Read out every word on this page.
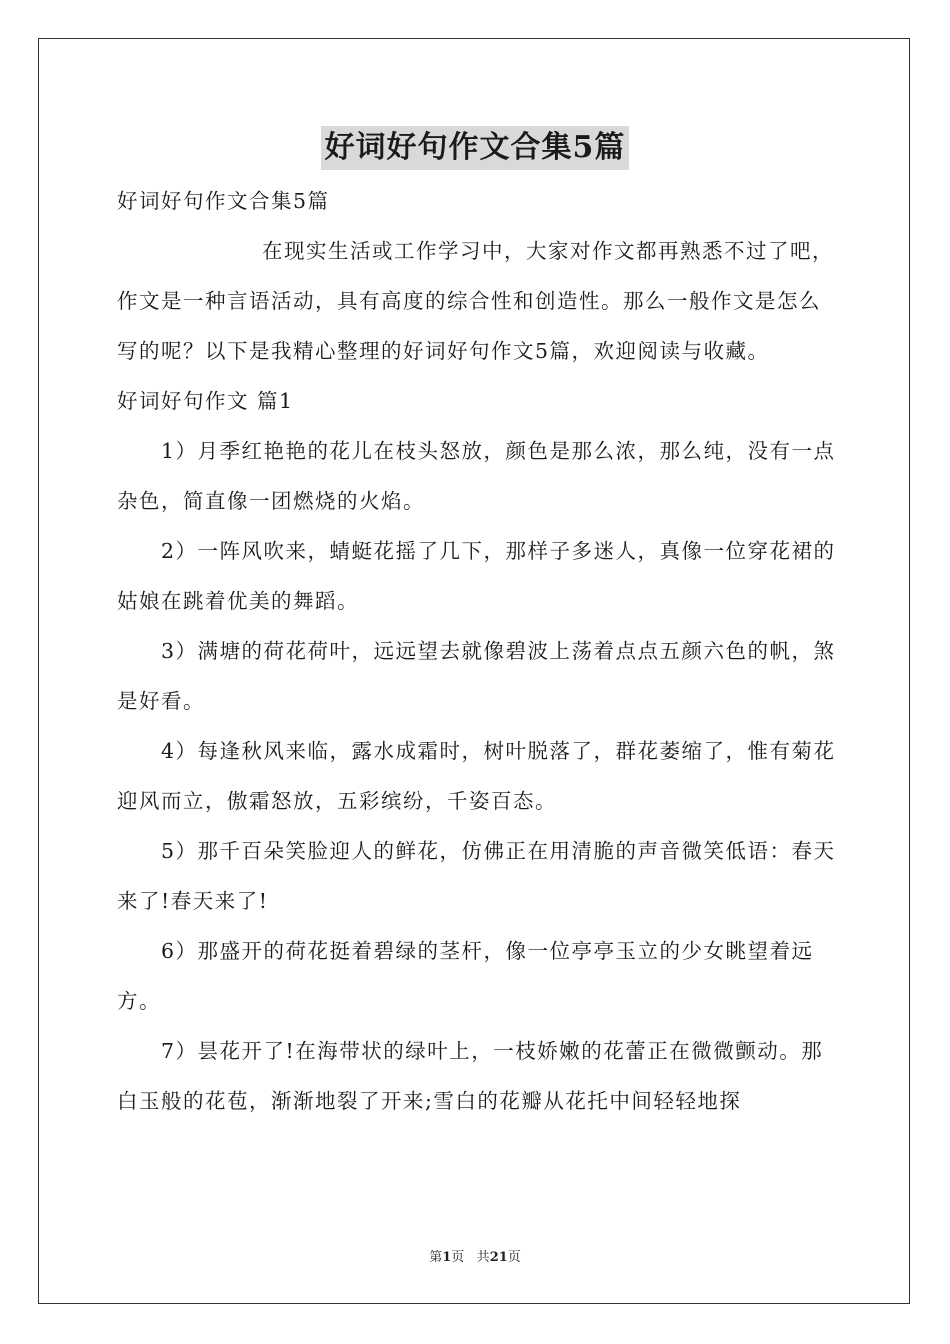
好词好句作文合集5篇

好词好句作文合集5篇

在现实生活或工作学习中，大家对作文都再熟悉不过了吧，作文是一种言语活动，具有高度的综合性和创造性。那么一般作文是怎么写的呢？以下是我精心整理的好词好句作文5篇，欢迎阅读与收藏。

好词好句作文 篇1

1）月季红艳艳的花儿在枝头怒放，颜色是那么浓，那么纯，没有一点杂色，简直像一团燃烧的火焰。

2）一阵风吹来，蜻蜓花摇了几下，那样子多迷人，真像一位穿花裙的姑娘在跳着优美的舞蹈。

3）满塘的荷花荷叶，远远望去就像碧波上荡着点点五颜六色的帆，煞是好看。

4）每逢秋风来临，露水成霜时，树叶脱落了，群花萎缩了，惟有菊花迎风而立，傲霜怒放，五彩缤纷，千姿百态。

5）那千百朵笑脸迎人的鲜花，仿佛正在用清脆的声音微笑低语：春天来了!春天来了!

6）那盛开的荷花挺着碧绿的茎杆，像一位亭亭玉立的少女眺望着远方。

7）昙花开了!在海带状的绿叶上，一枝娇嫩的花蕾正在微微颤动。那白玉般的花苞，渐渐地裂了开来;雪白的花瓣从花托中间轻轻地探

第1页 共21页
